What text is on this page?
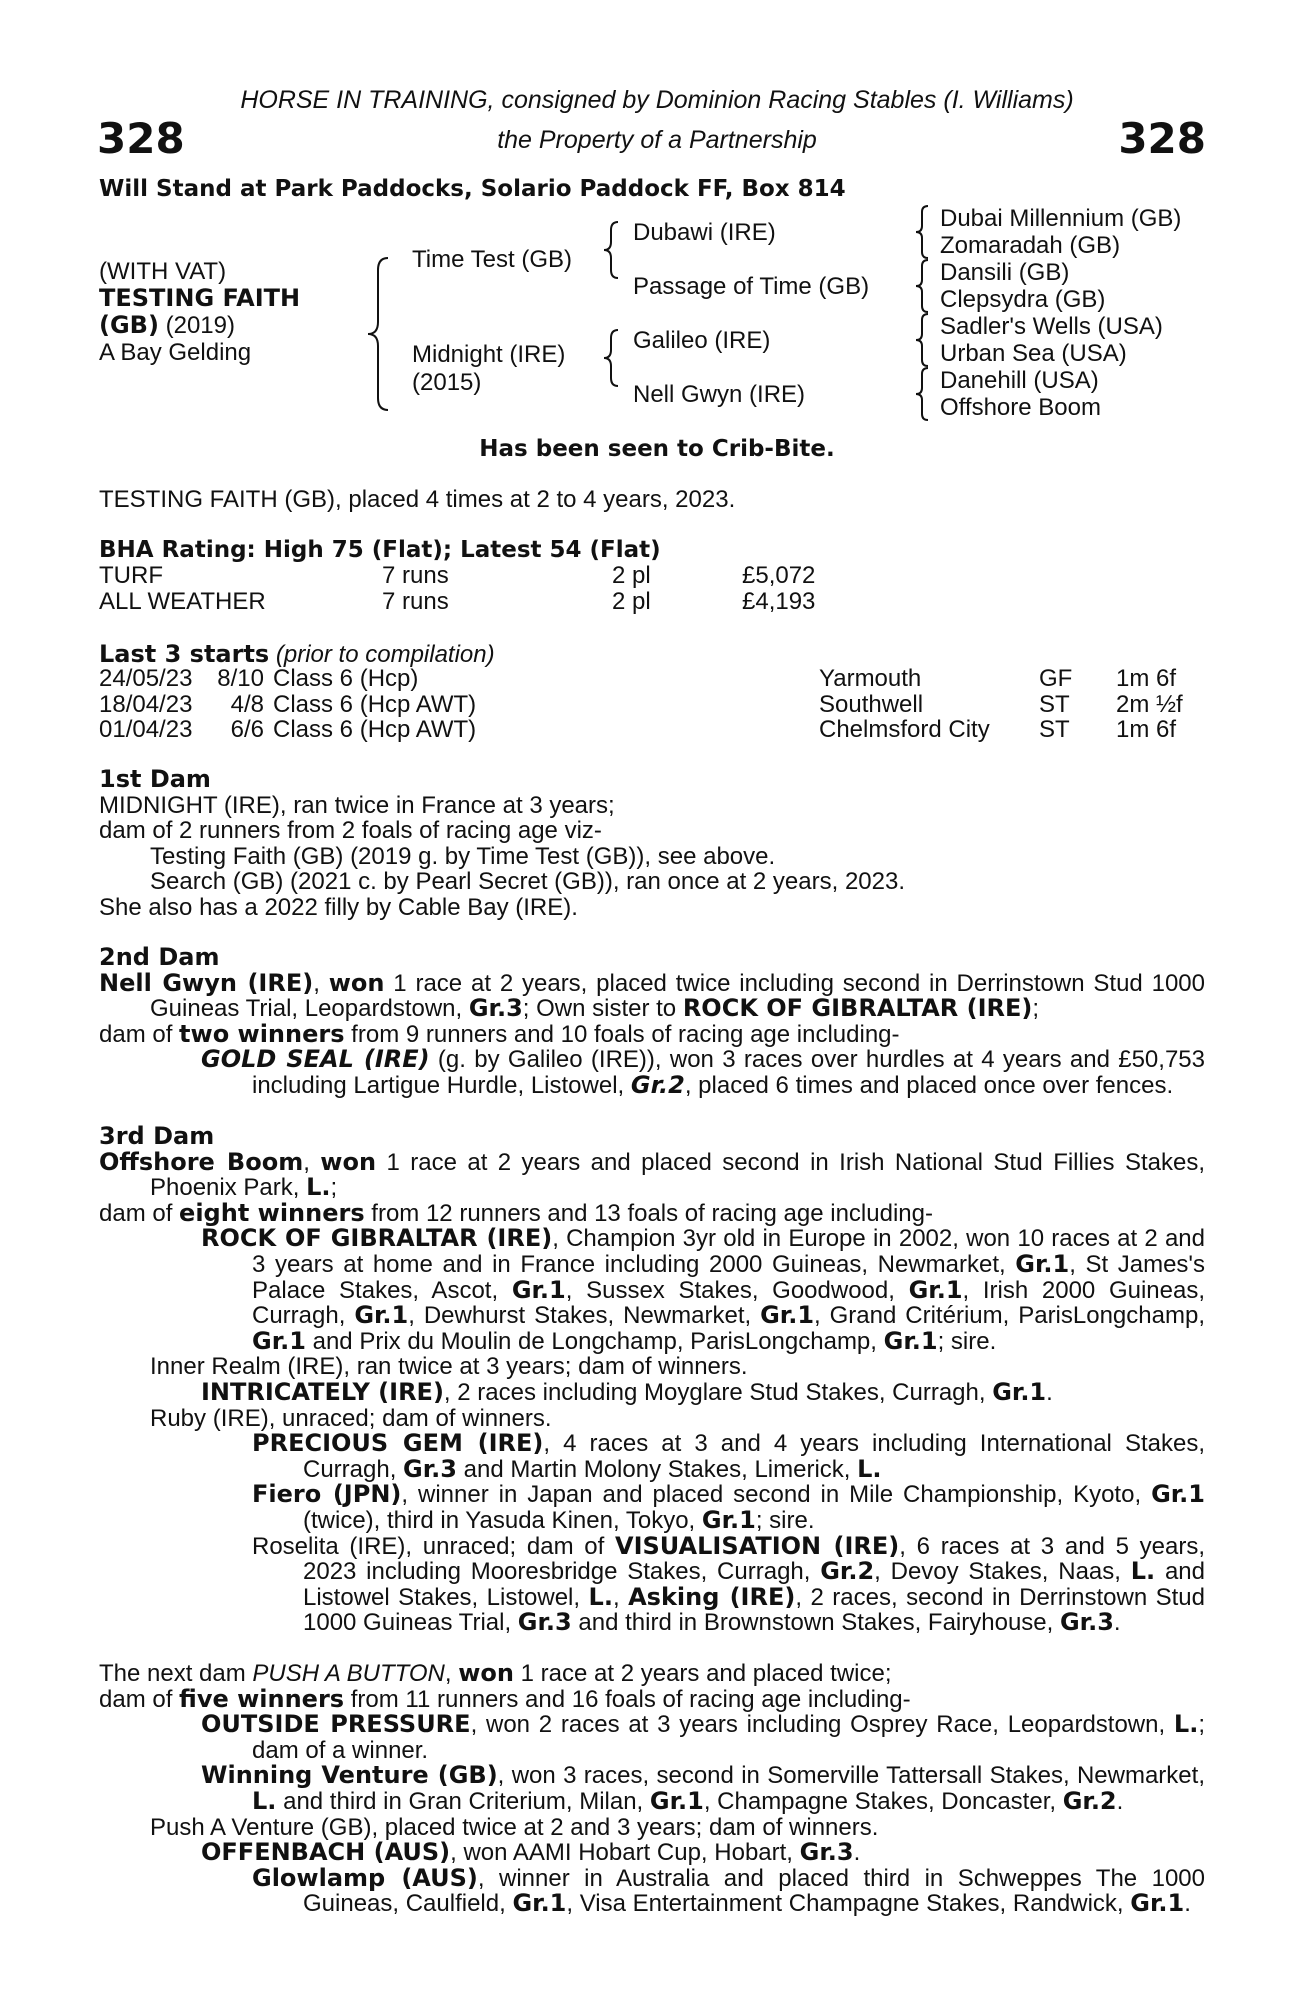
328	328
HORSE IN TRAINING, consigned by Dominion Racing Stables (I. Williams)
the Property of a Partnership
Will Stand at Park Paddocks, Solario Paddock FF, Box 814
(WITH VAT)
TESTING FAITH
(GB) (2019)
A Bay Gelding
Time Test (GB)
Midnight (IRE)
(2015)
Dubawi (IRE)
Passage of Time (GB)
Galileo (IRE)
Nell Gwyn (IRE)
Dubai Millennium (GB)
Zomaradah (GB)
Dansili (GB)
Clepsydra (GB)
Sadler's Wells (USA)
Urban Sea (USA)
Danehill (USA)
Offshore Boom
Has been seen to Crib-Bite.
TESTING FAITH (GB), placed 4 times at 2 to 4 years, 2023.
BHA Rating: High 75 (Flat); Latest 54 (Flat)
TURF	7 runs	2 pl	£5,072
ALL WEATHER	7 runs	2 pl	£4,193
Last 3 starts (prior to compilation)
24/05/23	8/10	Class 6 (Hcp)	Yarmouth	GF	1m 6f
18/04/23	4/8	Class 6 (Hcp AWT)	Southwell	ST	2m ½f
01/04/23	6/6	Class 6 (Hcp AWT)	Chelmsford City	ST	1m 6f

1st Dam

MIDNIGHT (IRE), ran twice in France at 3 years;

dam of 2 runners from 2 foals of racing age viz-

Testing Faith (GB) (2019 g. by Time Test (GB)), see above.

Search (GB) (2021 c. by Pearl Secret (GB)), ran once at 2 years, 2023.

She also has a 2022 filly by Cable Bay (IRE).

2nd Dam

Nell Gwyn (IRE), won 1 race at 2 years, placed twice including second in Derrinstown Stud 1000 Guineas Trial, Leopardstown, Gr.3; Own sister to ROCK OF GIBRALTAR (IRE);

dam of two winners from 9 runners and 10 foals of racing age including-

GOLD SEAL (IRE) (g. by Galileo (IRE)), won 3 races over hurdles at 4 years and £50,753 including Lartigue Hurdle, Listowel, Gr.2, placed 6 times and placed once over fences.

3rd Dam

Offshore Boom, won 1 race at 2 years and placed second in Irish National Stud Fillies Stakes, Phoenix Park, L.;

dam of eight winners from 12 runners and 13 foals of racing age including-

ROCK OF GIBRALTAR (IRE), Champion 3yr old in Europe in 2002, won 10 races at 2 and 3 years at home and in France including 2000 Guineas, Newmarket, Gr.1, St James's Palace Stakes, Ascot, Gr.1, Sussex Stakes, Goodwood, Gr.1, Irish 2000 Guineas, Curragh, Gr.1, Dewhurst Stakes, Newmarket, Gr.1, Grand Critérium, ParisLongchamp, Gr.1 and Prix du Moulin de Longchamp, ParisLongchamp, Gr.1; sire.

Inner Realm (IRE), ran twice at 3 years; dam of winners.

INTRICATELY (IRE), 2 races including Moyglare Stud Stakes, Curragh, Gr.1.

Ruby (IRE), unraced; dam of winners.

PRECIOUS GEM (IRE), 4 races at 3 and 4 years including International Stakes, Curragh, Gr.3 and Martin Molony Stakes, Limerick, L.

Fiero (JPN), winner in Japan and placed second in Mile Championship, Kyoto, Gr.1 (twice), third in Yasuda Kinen, Tokyo, Gr.1; sire.

Roselita (IRE), unraced; dam of VISUALISATION (IRE), 6 races at 3 and 5 years, 2023 including Mooresbridge Stakes, Curragh, Gr.2, Devoy Stakes, Naas, L. and Listowel Stakes, Listowel, L., Asking (IRE), 2 races, second in Derrinstown Stud 1000 Guineas Trial, Gr.3 and third in Brownstown Stakes, Fairyhouse, Gr.3.

The next dam PUSH A BUTTON, won 1 race at 2 years and placed twice;

dam of five winners from 11 runners and 16 foals of racing age including-

OUTSIDE PRESSURE, won 2 races at 3 years including Osprey Race, Leopardstown, L.; dam of a winner.

Winning Venture (GB), won 3 races, second in Somerville Tattersall Stakes, Newmarket, L. and third in Gran Criterium, Milan, Gr.1, Champagne Stakes, Doncaster, Gr.2.

Push A Venture (GB), placed twice at 2 and 3 years; dam of winners.

OFFENBACH (AUS), won AAMI Hobart Cup, Hobart, Gr.3.

Glowlamp (AUS), winner in Australia and placed third in Schweppes The 1000 Guineas, Caulfield, Gr.1, Visa Entertainment Champagne Stakes, Randwick, Gr.1.
